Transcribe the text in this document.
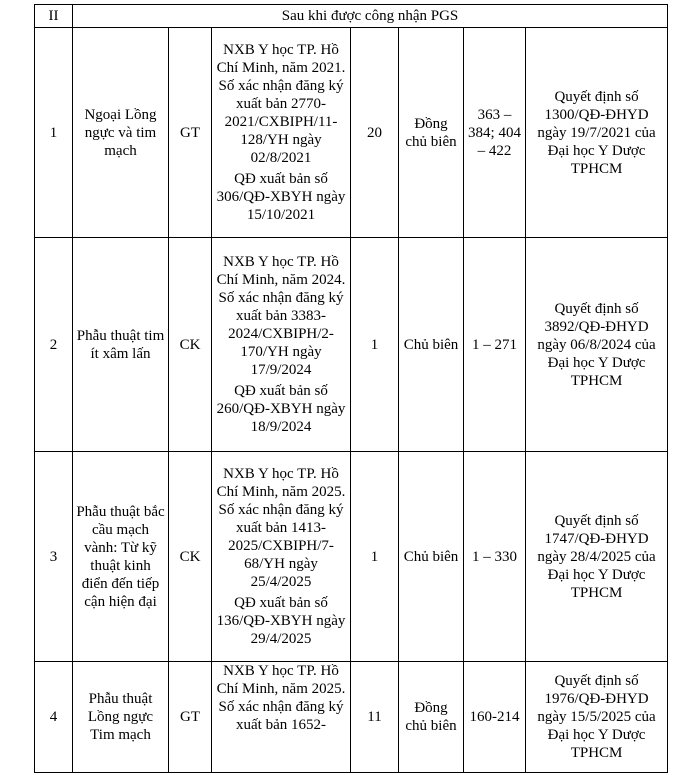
II	Sau khi được công nhận PGS						
1	Ngoại Lồng ngực và tim mạch	GT	NXB Y học TP. Hồ Chí Minh, năm 2021. Số xác nhận đăng ký xuất bản 2770-2021/CXBIPH/11-128/YH ngày 02/8/2021
QĐ xuất bản số 306/QĐ-XBYH ngày 15/10/2021	20	Đồng chủ biên	363 – 384; 404 – 422	Quyết định số 1300/QĐ-ĐHYD ngày 19/7/2021 của Đại học Y Dược TPHCM
2	Phẫu thuật tim ít xâm lấn	CK	NXB Y học TP. Hồ Chí Minh, năm 2024. Số xác nhận đăng ký xuất bản 3383-2024/CXBIPH/2-170/YH ngày 17/9/2024
QĐ xuất bản số 260/QĐ-XBYH ngày 18/9/2024	1	Chủ biên	1 – 271	Quyết định số 3892/QĐ-ĐHYD ngày 06/8/2024 của Đại học Y Dược TPHCM
3	Phẫu thuật bắc cầu mạch vành: Từ kỹ thuật kinh điển đến tiếp cận hiện đại	CK	NXB Y học TP. Hồ Chí Minh, năm 2025. Số xác nhận đăng ký xuất bản 1413-2025/CXBIPH/7-68/YH ngày 25/4/2025
QĐ xuất bản số 136/QĐ-XBYH ngày 29/4/2025	1	Chủ biên	1 – 330	Quyết định số 1747/QĐ-ĐHYD ngày 28/4/2025 của Đại học Y Dược TPHCM
4	Phẫu thuật Lồng ngực Tim mạch	GT	NXB Y học TP. Hồ Chí Minh, năm 2025. Số xác nhận đăng ký xuất bản 1652-	11	Đồng chủ biên	160-214	Quyết định số 1976/QĐ-ĐHYD ngày 15/5/2025 của Đại học Y Dược TPHCM
